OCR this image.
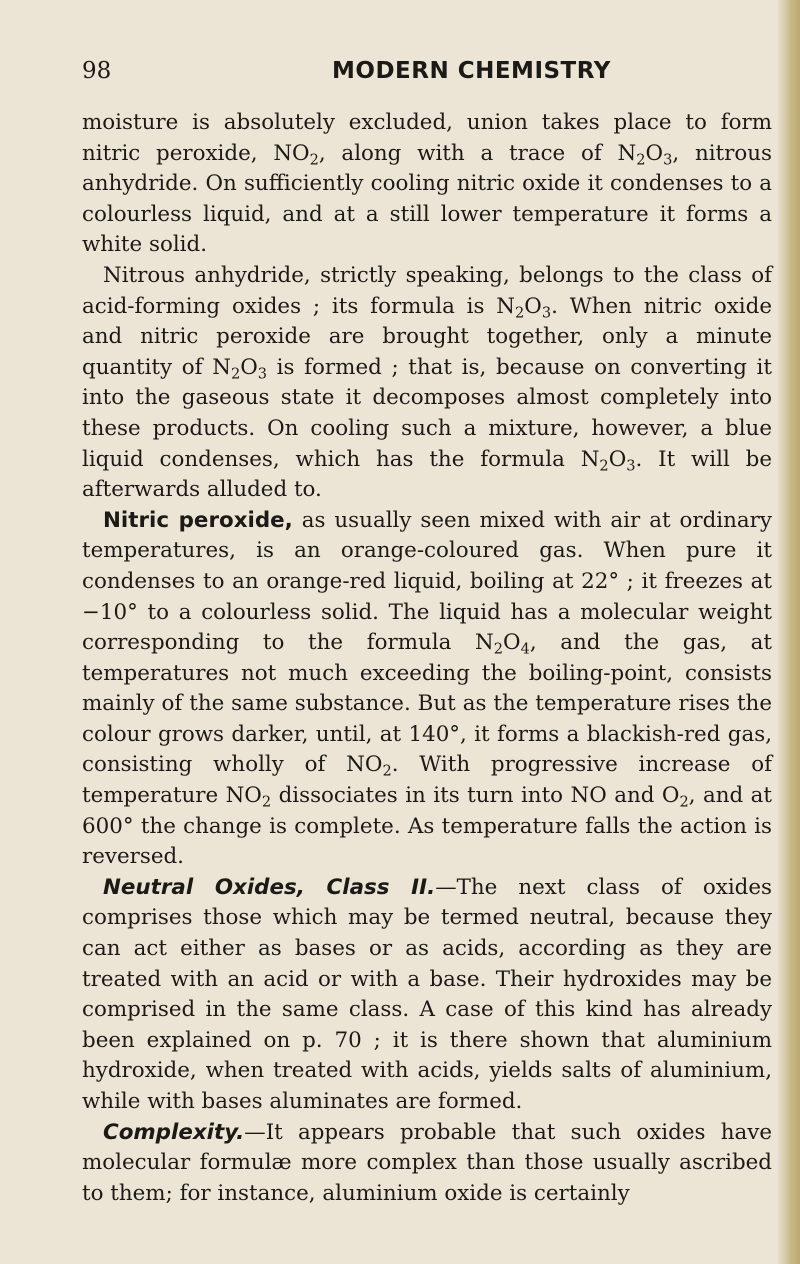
98	MODERN CHEMISTRY

moisture is absolutely excluded, union takes place to form nitric peroxide, $NO_2$, along with a trace of $N_2O_3$, nitrous anhydride. On sufficiently cooling nitric oxide it condenses to a colourless liquid, and at a still lower temperature it forms a white solid.

Nitrous anhydride, strictly speaking, belongs to the class of acid-forming oxides ; its formula is $N_2O_3$. When nitric oxide and nitric peroxide are brought together, only a minute quantity of $N_2O_3$ is formed ; that is, because on converting it into the gaseous state it decomposes almost completely into these products. On cooling such a mixture, however, a blue liquid condenses, which has the formula $N_2O_3$. It will be afterwards alluded to.

Nitric peroxide, as usually seen mixed with air at ordinary temperatures, is an orange-coloured gas. When pure it condenses to an orange-red liquid, boiling at 22° ; it freezes at −10° to a colourless solid. The liquid has a molecular weight corresponding to the formula $N_2O_4$, and the gas, at temperatures not much exceeding the boiling-point, consists mainly of the same substance. But as the temperature rises the colour grows darker, until, at 140°, it forms a blackish-red gas, consisting wholly of $NO_2$. With progressive increase of temperature $NO_2$ dissociates in its turn into NO and $O_2$, and at 600° the change is complete. As temperature falls the action is reversed.

Neutral Oxides, Class II.—The next class of oxides comprises those which may be termed neutral, because they can act either as bases or as acids, according as they are treated with an acid or with a base. Their hydroxides may be comprised in the same class. A case of this kind has already been explained on p. 70 ; it is there shown that aluminium hydroxide, when treated with acids, yields salts of aluminium, while with bases aluminates are formed.

Complexity.—It appears probable that such oxides have molecular formulæ more complex than those usually ascribed to them; for instance, aluminium oxide is certainly
